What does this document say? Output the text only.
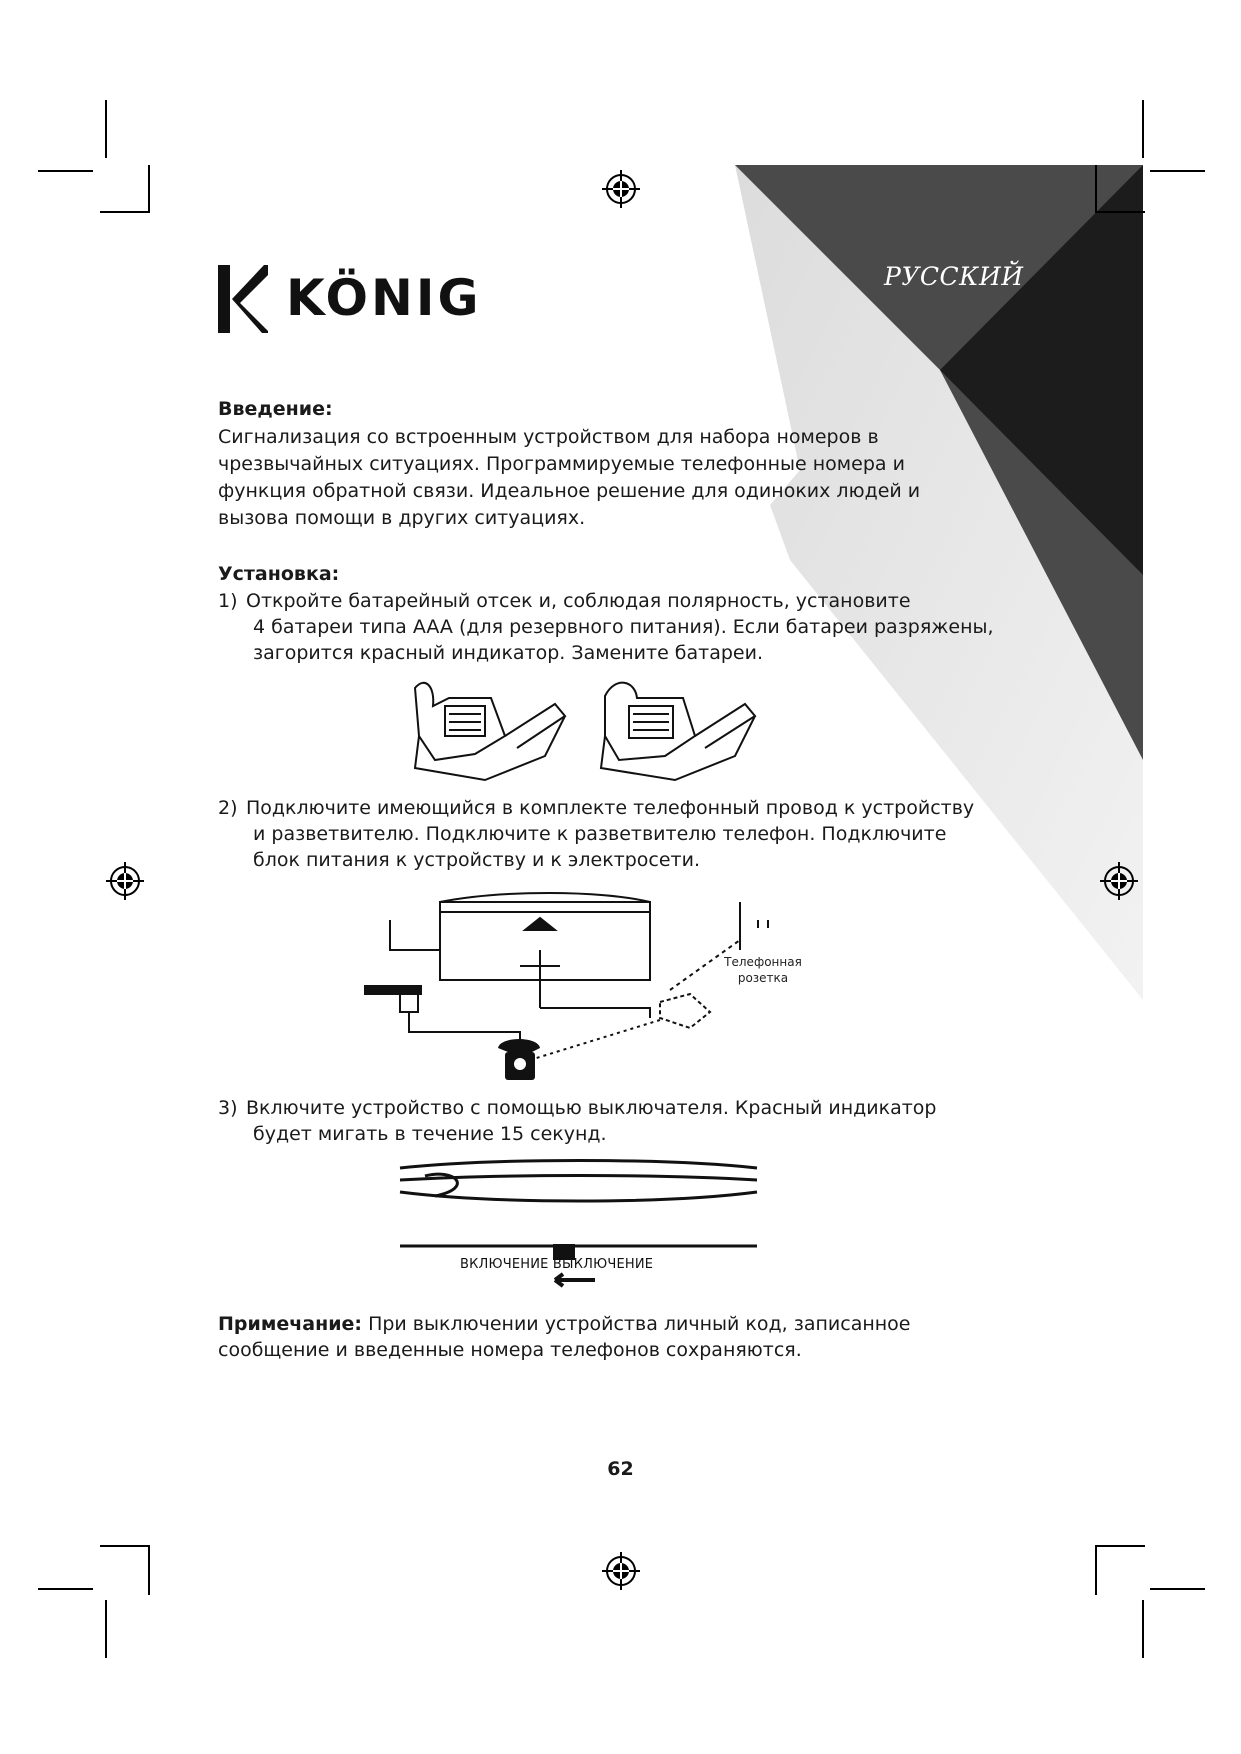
РУССКИЙ
KÖNIG
Введение:
Сигнализация со встроенным устройством для набора номеров в
чрезвычайных ситуациях. Программируемые телефонные номера и
функция обратной связи. Идеальное решение для одиноких людей и
вызова помощи в других ситуациях.
Установка:
1) Откройте батарейный отсек и, соблюдая полярность, установите
4 батареи типа AAA (для резервного питания). Если батареи разряжены,
загорится красный индикатор. Замените батареи.
2) Подключите имеющийся в комплекте телефонный провод к устройству
и разветвителю. Подключите к разветвителю телефон. Подключите
блок питания к устройству и к электросети.
Телефонная
розетка
3) Включите устройство с помощью выключателя. Красный индикатор
будет мигать в течение 15 секунд.
ВКЛЮЧЕНИЕ ВЫКЛЮЧЕНИЕ
Примечание: При выключении устройства личный код, записанное
сообщение и введенные номера телефонов сохраняются.
62
